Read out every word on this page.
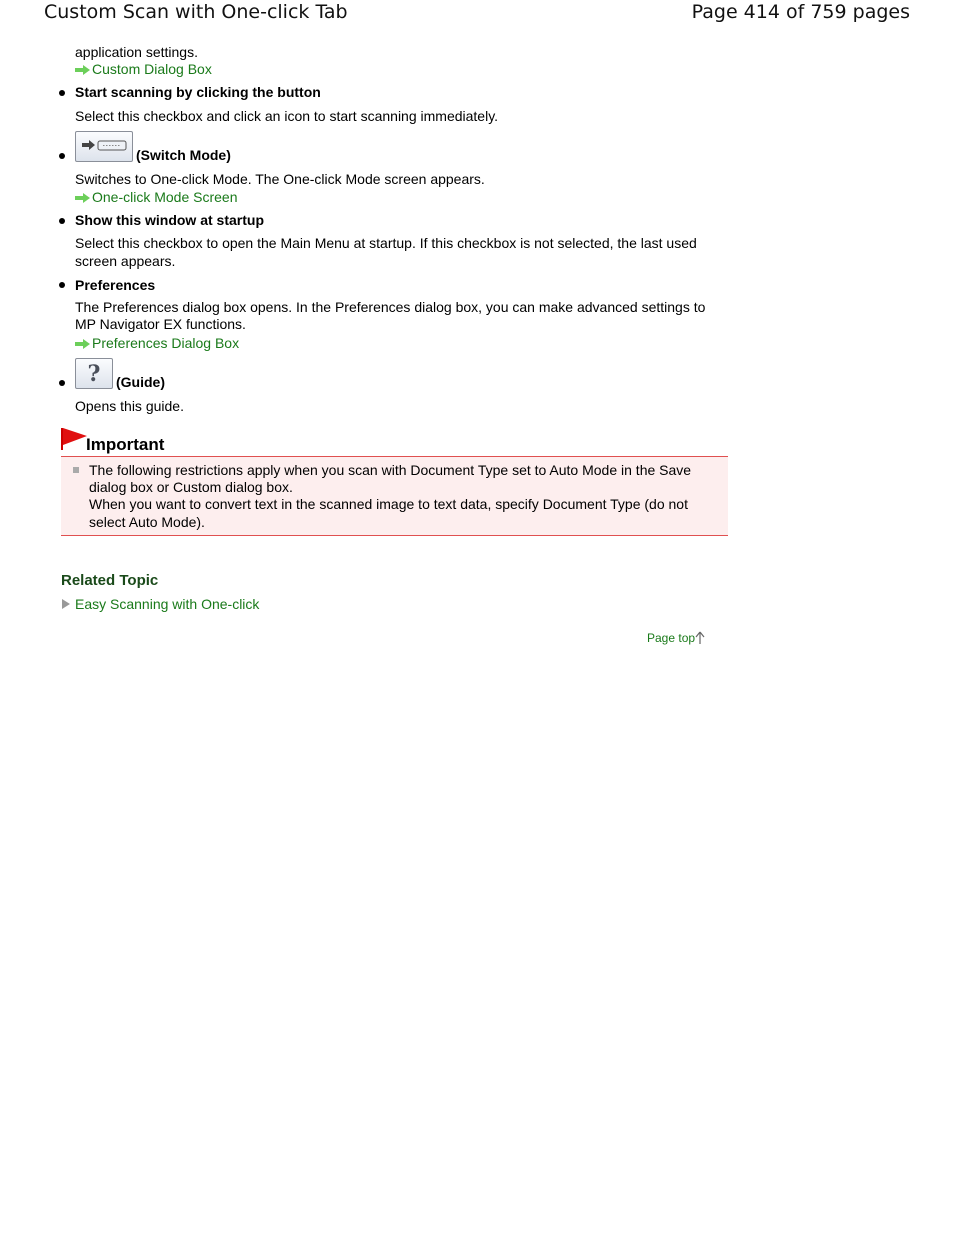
Custom Scan with One-click Tab	Page 414 of 759 pages
application settings.
Custom Dialog Box
Start scanning by clicking the button
Select this checkbox and click an icon to start scanning immediately.
(Switch Mode)
Switches to One-click Mode. The One-click Mode screen appears.
One-click Mode Screen
Show this window at startup
Select this checkbox to open the Main Menu at startup. If this checkbox is not selected, the last used
screen appears.
Preferences
The Preferences dialog box opens. In the Preferences dialog box, you can make advanced settings to
MP Navigator EX functions.
Preferences Dialog Box
? (Guide)
Opens this guide.
Important
The following restrictions apply when you scan with Document Type set to Auto Mode in the Save
dialog box or Custom dialog box.
When you want to convert text in the scanned image to text data, specify Document Type (do not
select Auto Mode).
Related Topic
Easy Scanning with One-click
Page top
